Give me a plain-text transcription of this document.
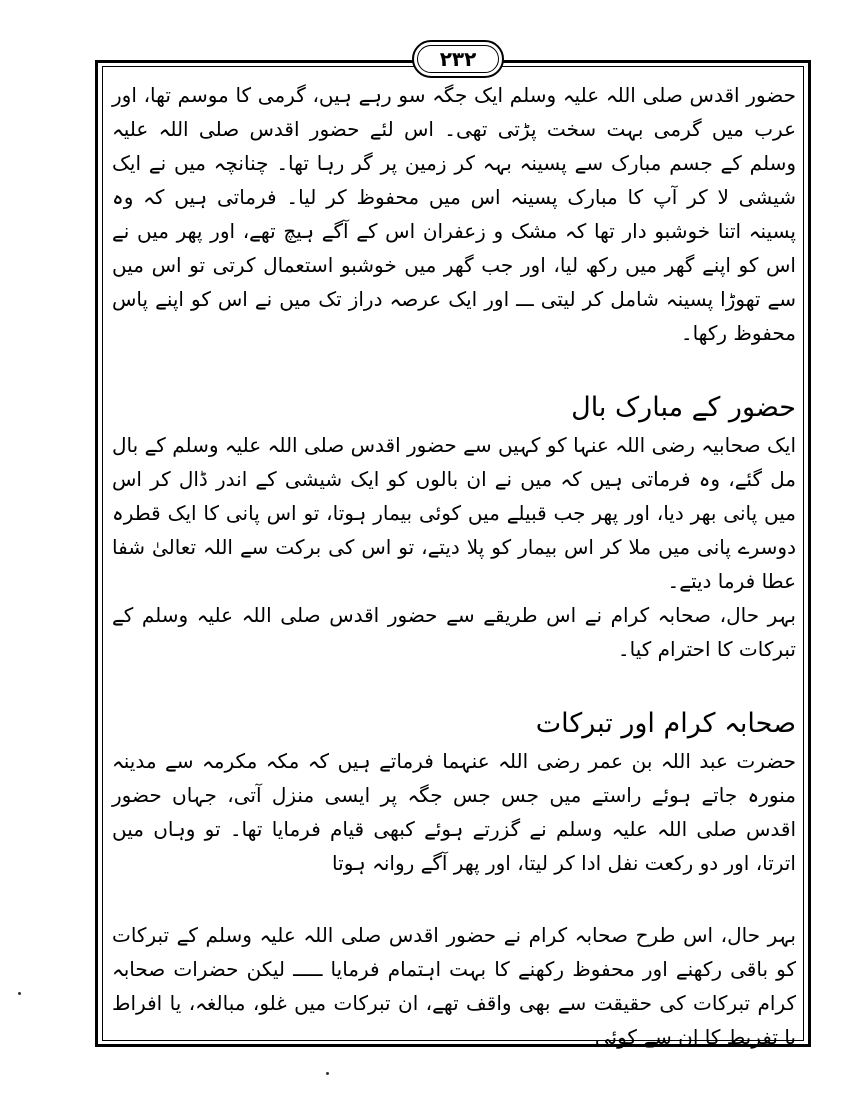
۲۳۲

حضور اقدس صلی اللہ علیہ وسلم ایک جگہ سو رہے ہیں، گرمی کا موسم تھا، اور عرب میں گرمی بہت سخت پڑتی تھی۔ اس لئے حضور اقدس صلی اللہ علیہ وسلم کے جسم مبارک سے پسینہ بہہ کر زمین پر گر رہا تھا۔ چنانچہ میں نے ایک شیشی لا کر آپ کا مبارک پسینہ اس میں محفوظ کر لیا۔ فرماتی ہیں کہ وہ پسینہ اتنا خوشبو دار تھا کہ مشک و زعفران اس کے آگے ہیچ تھے، اور پھر میں نے اس کو اپنے گھر میں رکھ لیا، اور جب گھر میں خوشبو استعمال کرتی تو اس میں سے تھوڑا پسینہ شامل کر لیتی ـــ اور ایک عرصہ دراز تک میں نے اس کو اپنے پاس محفوظ رکھا۔

حضور کے مبارک بال

ایک صحابیہ رضی اللہ عنہا کو کہیں سے حضور اقدس صلی اللہ علیہ وسلم کے بال مل گئے، وہ فرماتی ہیں کہ میں نے ان بالوں کو ایک شیشی کے اندر ڈال کر اس میں پانی بھر دیا، اور پھر جب قبیلے میں کوئی بیمار ہوتا، تو اس پانی کا ایک قطرہ دوسرے پانی میں ملا کر اس بیمار کو پلا دیتے، تو اس کی برکت سے اللہ تعالیٰ شفا عطا فرما دیتے۔

بہر حال، صحابہ کرام نے اس طریقے سے حضور اقدس صلی اللہ علیہ وسلم کے تبرکات کا احترام کیا۔

صحابہ کرام اور تبرکات

حضرت عبد اللہ بن عمر رضی اللہ عنہما فرماتے ہیں کہ مکہ مکرمہ سے مدینہ منورہ جاتے ہوئے راستے میں جس جس جگہ پر ایسی منزل آتی، جہاں حضور اقدس صلی اللہ علیہ وسلم نے گزرتے ہوئے کبھی قیام فرمایا تھا۔ تو وہاں میں اترتا، اور دو رکعت نفل ادا کر لیتا، اور پھر آگے روانہ ہوتا

بہر حال، اس طرح صحابہ کرام نے حضور اقدس صلی اللہ علیہ وسلم کے تبرکات کو باقی رکھنے اور محفوظ رکھنے کا بہت اہتمام فرمایا ـــــ لیکن حضرات صحابہ کرام تبرکات کی حقیقت سے بھی واقف تھے، ان تبرکات میں غلو، مبالغہ، یا افراط یا تفریط کا ان سے کوئی
